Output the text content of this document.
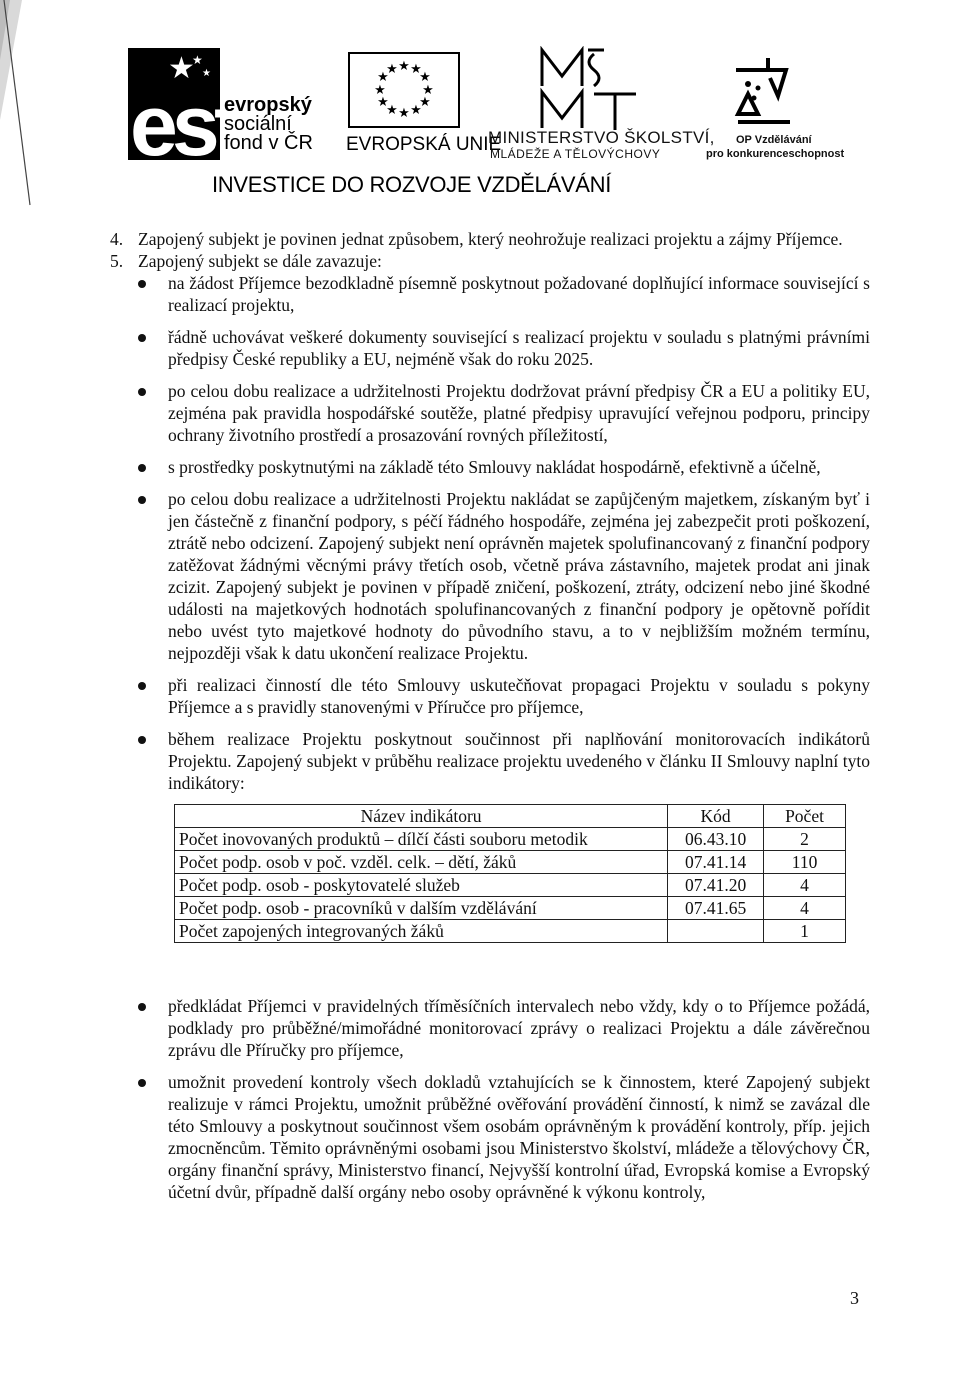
★
★
★
esf
evropský
sociální
fond v ČR
★ ★
★
★
★
★
★
★
★
★
★
★
EVROPSKÁ UNIE
MINISTERSTVO ŠKOLSTVÍ,
MLÁDEŽE A TĚLOVÝCHOVY
OP Vzdělávání
pro konkurenceschopnost
INVESTICE DO ROZVOJE VZDĚLÁVÁNÍ

4. Zapojený subjekt je povinen jednat způsobem, který neohrožuje realizaci projektu a zájmy Příjemce.

5. Zapojený subjekt se dále zavazuje:

na žádost Příjemce bezodkladně písemně poskytnout požadované doplňující informace související s realizací projektu,
řádně uchovávat veškeré dokumenty související s realizací projektu v souladu s platnými právními předpisy České republiky a EU, nejméně však do roku 2025.
po celou dobu realizace a udržitelnosti Projektu dodržovat právní předpisy ČR a EU a politiky EU, zejména pak pravidla hospodářské soutěže, platné předpisy upravující veřejnou podporu, principy ochrany životního prostředí a prosazování rovných příležitostí,
s prostředky poskytnutými na základě této Smlouvy nakládat hospodárně, efektivně a účelně,
po celou dobu realizace a udržitelnosti Projektu nakládat se zapůjčeným majetkem, získaným byť i jen částečně z finanční podpory, s péčí řádného hospodáře, zejména jej zabezpečit proti poškození, ztrátě nebo odcizení. Zapojený subjekt není oprávněn majetek spolufinancovaný z finanční podpory zatěžovat žádnými věcnými právy třetích osob, včetně práva zástavního, majetek prodat ani jinak zcizit. Zapojený subjekt je povinen v případě zničení, poškození, ztráty, odcizení nebo jiné škodné události na majetkových hodnotách spolufinancovaných z finanční podpory je opětovně pořídit nebo uvést tyto majetkové hodnoty do původního stavu, a to v nejbližším možném termínu, nejpozději však k datu ukončení realizace Projektu.
při realizaci činností dle této Smlouvy uskutečňovat propagaci Projektu v souladu s pokyny Příjemce a s pravidly stanovenými v Příručce pro příjemce,
během realizace Projektu poskytnout součinnost při naplňování monitorovacích indikátorů Projektu. Zapojený subjekt v průběhu realizace projektu uvedeného v článku II Smlouvy naplní tyto indikátory:
Název indikátoru	Kód	Počet
Počet inovovaných produktů – dílčí části souboru metodik	06.43.10	2
Počet podp. osob v poč. vzděl. celk. – dětí, žáků	07.41.14	110
Počet podp. osob - poskytovatelé služeb	07.41.20	4
Počet podp. osob - pracovníků v dalším vzdělávání	07.41.65	4
Počet zapojených integrovaných žáků		1
předkládat Příjemci v pravidelných tříměsíčních intervalech nebo vždy, kdy o to Příjemce požádá, podklady pro průběžné/mimořádné monitorovací zprávy o realizaci Projektu a dále závěrečnou zprávu dle Příručky pro příjemce,
umožnit provedení kontroly všech dokladů vztahujících se k činnostem, které Zapojený subjekt realizuje v rámci Projektu, umožnit průběžné ověřování provádění činností, k nimž se zavázal dle této Smlouvy a poskytnout součinnost všem osobám oprávněným k provádění kontroly, příp. jejich zmocněncům. Těmito oprávněnými osobami jsou Ministerstvo školství, mládeže a tělovýchovy ČR, orgány finanční správy, Ministerstvo financí, Nejvyšší kontrolní úřad, Evropská komise a Evropský účetní dvůr, případně další orgány nebo osoby oprávněné k výkonu kontroly,
3
